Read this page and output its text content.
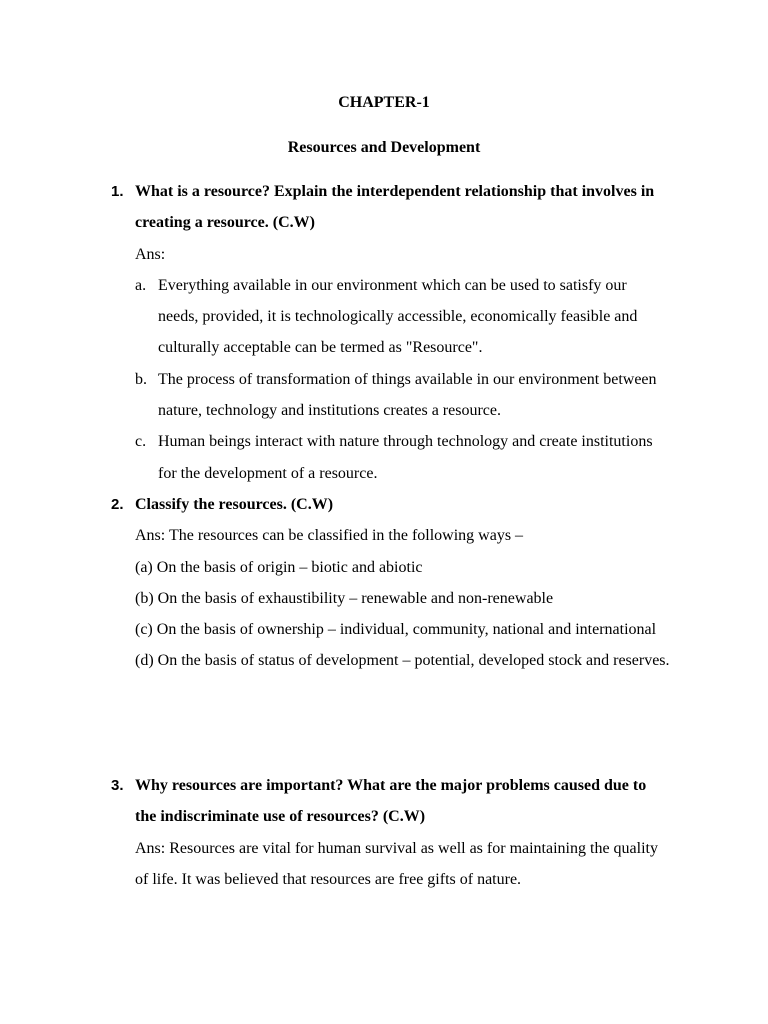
CHAPTER-1
Resources and Development
1. What is a resource? Explain the interdependent relationship that involves in creating a resource. (C.W)

Ans:

a. Everything available in our environment which can be used to satisfy our needs, provided, it is technologically accessible, economically feasible and culturally acceptable can be termed as "Resource".

b. The process of transformation of things available in our environment between nature, technology and institutions creates a resource.

c. Human beings interact with nature through technology and create institutions for the development of a resource.

2. Classify the resources. (C.W)

Ans: The resources can be classified in the following ways –

(a) On the basis of origin – biotic and abiotic

(b) On the basis of exhaustibility – renewable and non-renewable

(c) On the basis of ownership – individual, community, national and international

(d) On the basis of status of development – potential, developed stock and reserves.

3. Why resources are important? What are the major problems caused due to the indiscriminate use of resources? (C.W)

Ans: Resources are vital for human survival as well as for maintaining the quality of life. It was believed that resources are free gifts of nature.
